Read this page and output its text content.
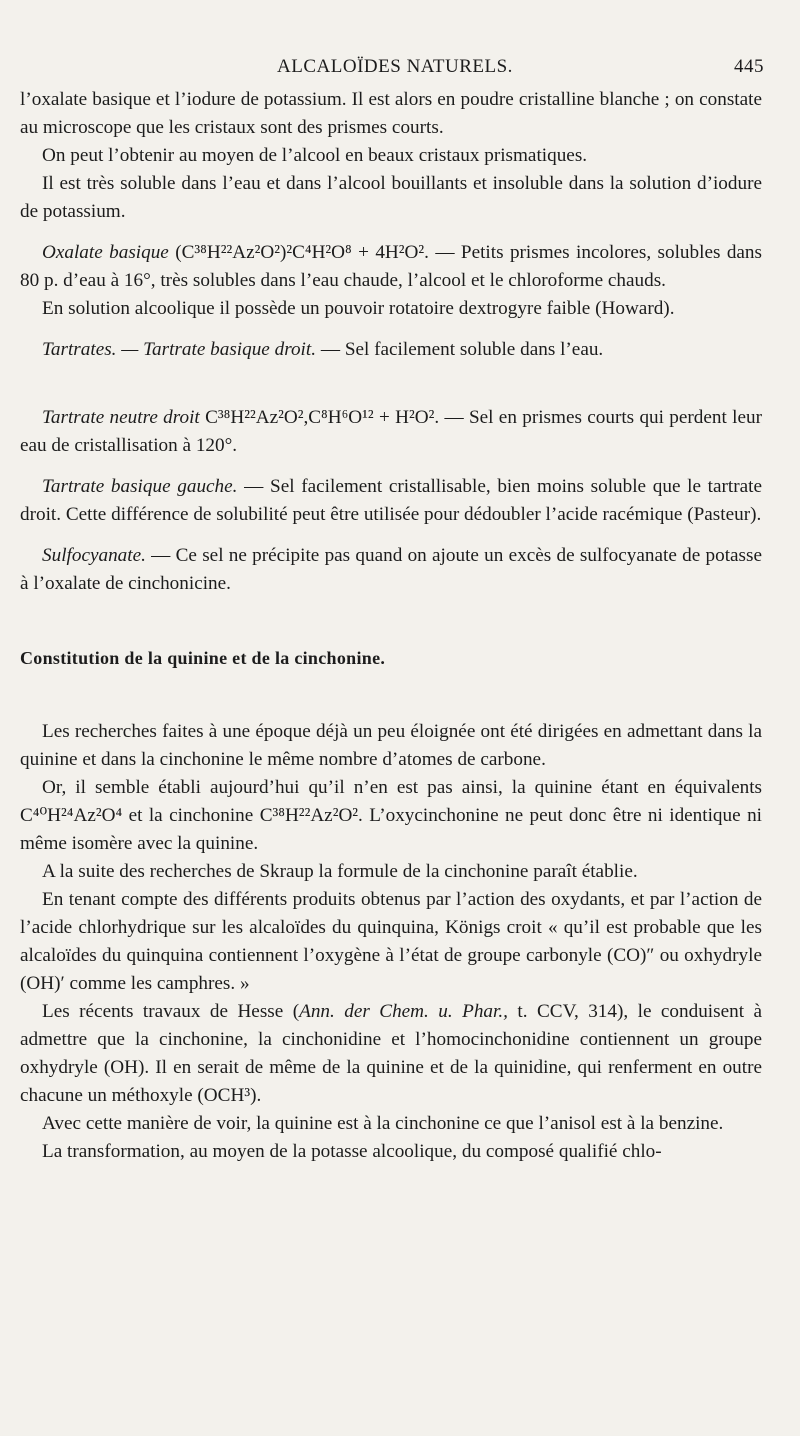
ALCALOÏDES NATURELS.	445

l’oxalate basique et l’iodure de potassium. Il est alors en poudre cristalline blanche ; on constate au microscope que les cristaux sont des prismes courts.

On peut l’obtenir au moyen de l’alcool en beaux cristaux prismatiques.

Il est très soluble dans l’eau et dans l’alcool bouillants et insoluble dans la solution d’iodure de potassium.

Oxalate basique (C³⁸H²²Az²O²)²C⁴H²O⁸ + 4H²O². — Petits prismes incolores, solubles dans 80 p. d’eau à 16°, très solubles dans l’eau chaude, l’alcool et le chloroforme chauds.

En solution alcoolique il possède un pouvoir rotatoire dextrogyre faible (Howard).

Tartrates. — Tartrate basique droit. — Sel facilement soluble dans l’eau.

Tartrate neutre droit C³⁸H²²Az²O²,C⁸H⁶O¹² + H²O². — Sel en prismes courts qui perdent leur eau de cristallisation à 120°.

Tartrate basique gauche. — Sel facilement cristallisable, bien moins soluble que le tartrate droit. Cette différence de solubilité peut être utilisée pour dédoubler l’acide racémique (Pasteur).

Sulfocyanate. — Ce sel ne précipite pas quand on ajoute un excès de sulfocyanate de potasse à l’oxalate de cinchonicine.

Constitution de la quinine et de la cinchonine.

Les recherches faites à une époque déjà un peu éloignée ont été dirigées en admettant dans la quinine et dans la cinchonine le même nombre d’atomes de carbone.

Or, il semble établi aujourd’hui qu’il n’en est pas ainsi, la quinine étant en équivalents C⁴⁰H²⁴Az²O⁴ et la cinchonine C³⁸H²²Az²O². L’oxycinchonine ne peut donc être ni identique ni même isomère avec la quinine.

A la suite des recherches de Skraup la formule de la cinchonine paraît établie.

En tenant compte des différents produits obtenus par l’action des oxydants, et par l’action de l’acide chlorhydrique sur les alcaloïdes du quinquina, Königs croit « qu’il est probable que les alcaloïdes du quinquina contiennent l’oxygène à l’état de groupe carbonyle (CO)″ ou oxhydryle (OH)′ comme les camphres. »

Les récents travaux de Hesse (Ann. der Chem. u. Phar., t. CCV, 314), le conduisent à admettre que la cinchonine, la cinchonidine et l’homocinchonidine contiennent un groupe oxhydryle (OH). Il en serait de même de la quinine et de la quinidine, qui renferment en outre chacune un méthoxyle (OCH³).

Avec cette manière de voir, la quinine est à la cinchonine ce que l’anisol est à la benzine.

La transformation, au moyen de la potasse alcoolique, du composé qualifié chlo-
